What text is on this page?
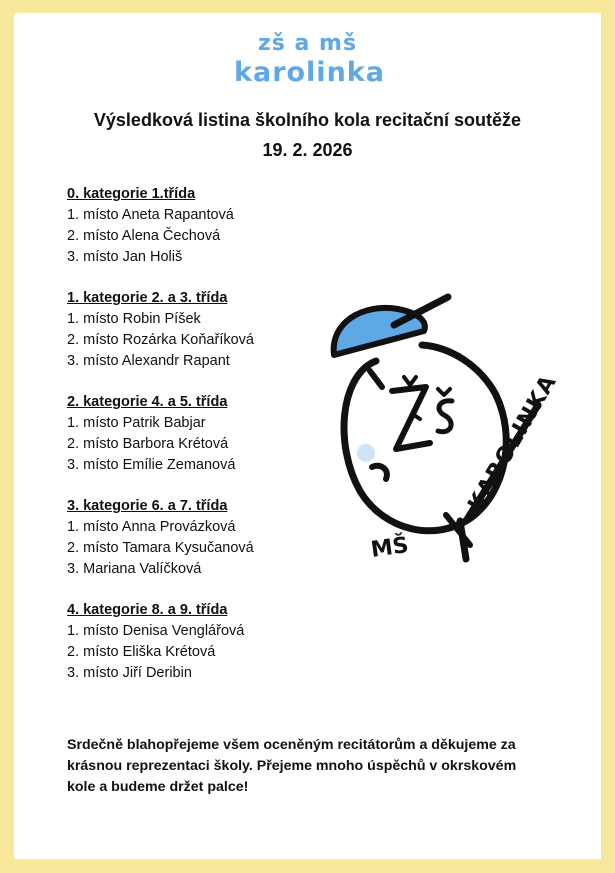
zš a mš
karolinka
Výsledková listina školního kola recitační soutěže
19. 2. 2026
0. kategorie 1.třída
1. místo Aneta Rapantová
2. místo Alena Čechová
3. místo Jan Holiš
1. kategorie 2. a 3. třída
1. místo Robin Píšek
2. místo Rozárka Koňaříková
3. místo Alexandr Rapant
2. kategorie 4. a 5. třída
1. místo Patrik Babjar
2. místo Barbora Krétová
3. místo Emílie Zemanová
3. kategorie 6. a 7. třída
1. místo Anna Provázková
2. místo Tamara Kysučanová
3. Mariana Valíčková
4. kategorie 8. a 9. třída
1. místo Denisa Venglářová
2. místo Eliška Krétová
3. místo Jiří Deribin
KAROLINKA
MŠ
Srdečně blahopřejeme všem oceněným recitátorům a děkujeme za
krásnou reprezentaci školy. Přejeme mnoho úspěchů v okrskovém
kole a budeme držet palce!
